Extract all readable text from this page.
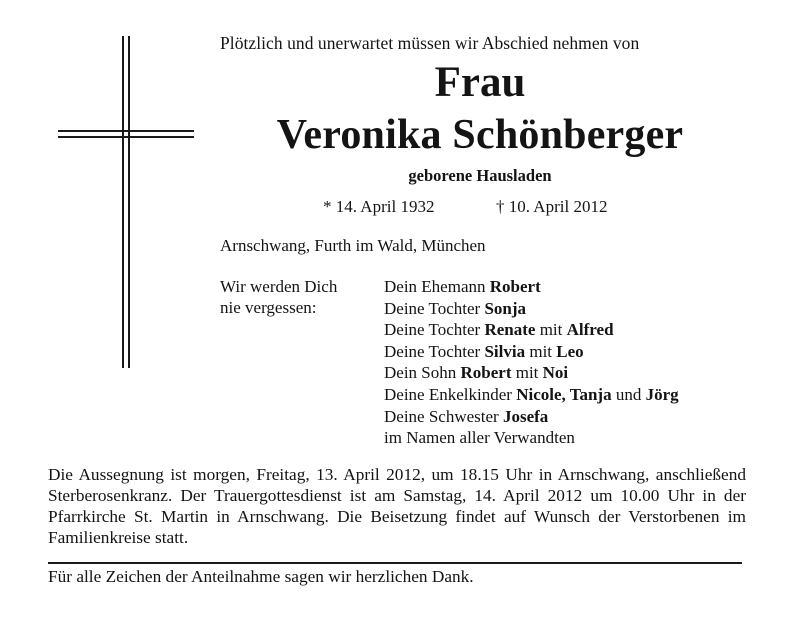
Plötzlich und unerwartet müssen wir Abschied nehmen von
Frau
Veronika Schönberger
geborene Hausladen
* 14. April 1932	† 10. April 2012
Arnschwang, Furth im Wald, München
Wir werden Dich
nie vergessen:
Dein Ehemann Robert
Deine Tochter Sonja
Deine Tochter Renate mit Alfred
Deine Tochter Silvia mit Leo
Dein Sohn Robert mit Noi
Deine Enkelkinder Nicole, Tanja und Jörg
Deine Schwester Josefa
im Namen aller Verwandten
Die Aussegnung ist morgen, Freitag, 13. April 2012, um 18.15 Uhr in Arnschwang, anschließend Sterberosenkranz. Der Trauergottesdienst ist am Samstag, 14. April 2012 um 10.00 Uhr in der Pfarrkirche St. Martin in Arnschwang. Die Beisetzung findet auf Wunsch der Verstorbenen im Familienkreise statt.
Für alle Zeichen der Anteilnahme sagen wir herzlichen Dank.
